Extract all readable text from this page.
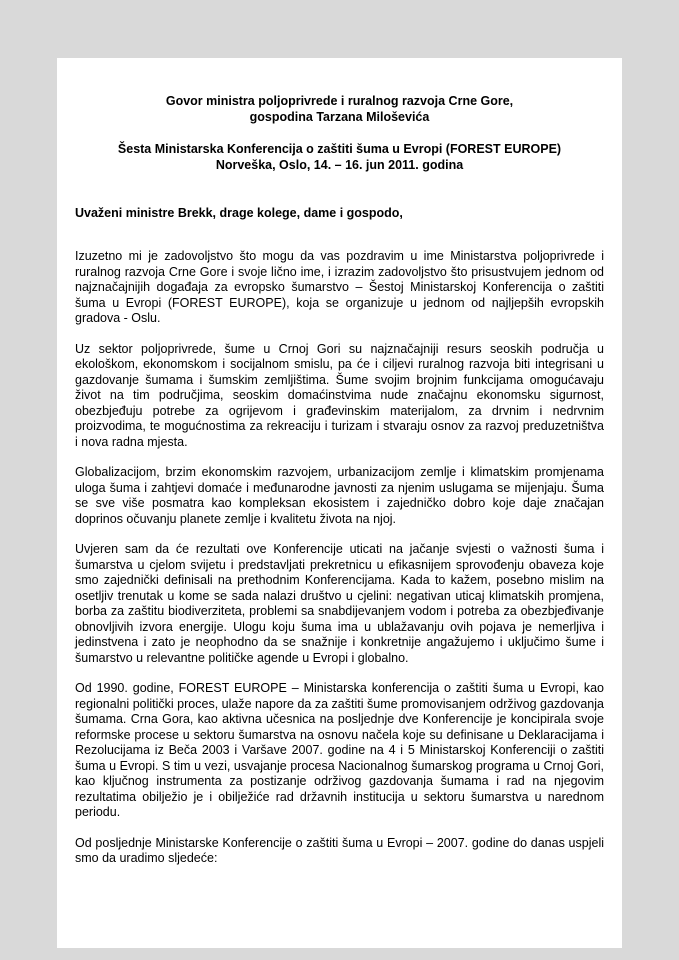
Govor ministra poljoprivrede i ruralnog razvoja Crne Gore,
gospodina Tarzana Miloševića
Šesta Ministarska Konferencija o zaštiti šuma u Evropi (FOREST EUROPE)
Norveška, Oslo, 14. – 16. jun 2011. godina
Uvaženi ministre Brekk, drage kolege, dame i gospodo,

Izuzetno mi je zadovoljstvo što mogu da vas pozdravim u ime Ministarstva poljoprivrede i ruralnog razvoja Crne Gore i svoje lično ime, i izrazim zadovoljstvo što prisustvujem jednom od najznačajnijih događaja za evropsko šumarstvo – Šestoj Ministarskoj Konferencija o zaštiti šuma u Evropi (FOREST EUROPE), koja se organizuje u jednom od najljepših evropskih gradova - Oslu.

Uz sektor poljoprivrede, šume u Crnoj Gori su najznačajniji resurs seoskih područja u ekološkom, ekonomskom i socijalnom smislu, pa će i ciljevi ruralnog razvoja biti integrisani u gazdovanje šumama i šumskim zemljištima. Šume svojim brojnim funkcijama omogućavaju život na tim područjima, seoskim domaćinstvima nude značajnu ekonomsku sigurnost, obezbjeđuju potrebe za ogrijevom i građevinskim materijalom, za drvnim i nedrvnim proizvodima, te mogućnostima za rekreaciju i turizam i stvaraju osnov za razvoj preduzetništva i nova radna mjesta.

Globalizacijom, brzim ekonomskim razvojem, urbanizacijom zemlje i klimatskim promjenama uloga šuma i zahtjevi domaće i međunarodne javnosti za njenim uslugama se mijenjaju. Šuma se sve više posmatra kao kompleksan ekosistem i zajedničko dobro koje daje značajan doprinos očuvanju planete zemlje i kvalitetu života na njoj.

Uvjeren sam da će rezultati ove Konferencije uticati na jačanje svjesti o važnosti šuma i šumarstva u cjelom svijetu i predstavljati prekretnicu u efikasnijem sprovođenju obaveza koje smo zajednički definisali na prethodnim Konferencijama. Kada to kažem, posebno mislim na osetljiv trenutak u kome se sada nalazi društvo u cjelini: negativan uticaj klimatskih promjena, borba za zaštitu biodiverziteta, problemi sa snabdijevanjem vodom i potreba za obezbjeđivanje obnovljivih izvora energije. Ulogu koju šuma ima u ublažavanju ovih pojava je nemerljiva i jedinstvena i zato je neophodno da se snažnije i konkretnije angažujemo i uključimo šume i šumarstvo u relevantne političke agende u Evropi i globalno.

Od 1990. godine, FOREST EUROPE – Ministarska konferencija o zaštiti šuma u Evropi, kao regionalni politički proces, ulaže napore da za zaštiti šume promovisanjem održivog gazdovanja šumama. Crna Gora, kao aktivna učesnica na posljednje dve Konferencije je koncipirala svoje reformske procese u sektoru šumarstva na osnovu načela koje su definisane u Deklaracijama i Rezolucijama iz Beča 2003 i Varšave 2007. godine na 4 i 5 Ministarskoj Konferenciji o zaštiti šuma u Evropi. S tim u vezi, usvajanje procesa Nacionalnog šumarskog programa u Crnoj Gori, kao ključnog instrumenta za postizanje održivog gazdovanja šumama i rad na njegovim rezultatima obilježio je i obilježiće rad državnih institucija u sektoru šumarstva u narednom periodu.

Od posljednje Ministarske Konferencije o zaštiti šuma u Evropi – 2007. godine do danas uspjeli smo da uradimo sljedeće:
